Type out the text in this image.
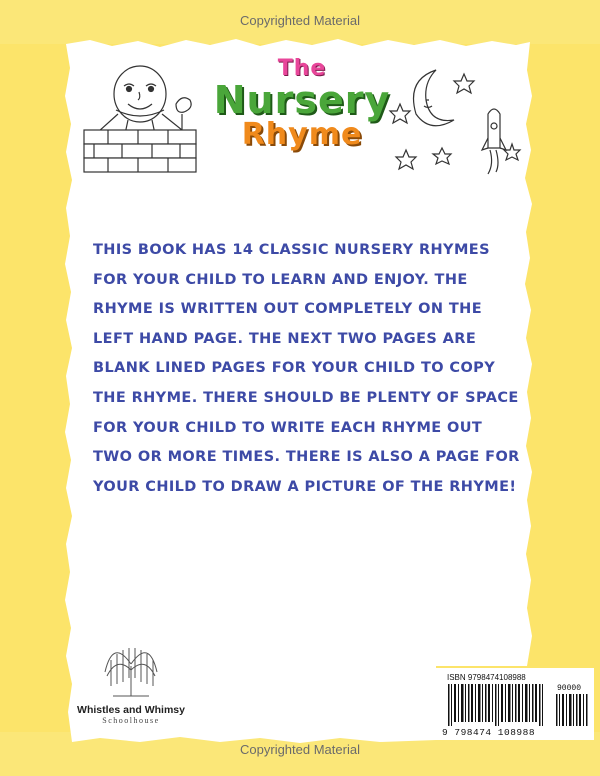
Copyrighted Material
The
Nursery
Rhyme

THIS BOOK HAS 14 CLASSIC NURSERY RHYMES FOR YOUR CHILD TO LEARN AND ENJOY. THE RHYME IS WRITTEN OUT COMPLETELY ON THE LEFT HAND PAGE. THE NEXT TWO PAGES ARE BLANK LINED PAGES FOR YOUR CHILD TO COPY THE RHYME. THERE SHOULD BE PLENTY OF SPACE FOR YOUR CHILD TO WRITE EACH RHYME OUT TWO OR MORE TIMES. THERE IS ALSO A PAGE FOR YOUR CHILD TO DRAW A PICTURE OF THE RHYME!

Whistles and Whimsy
Schoolhouse
ISBN 9798474108988
90000
9 798474 108988
Copyrighted Material
